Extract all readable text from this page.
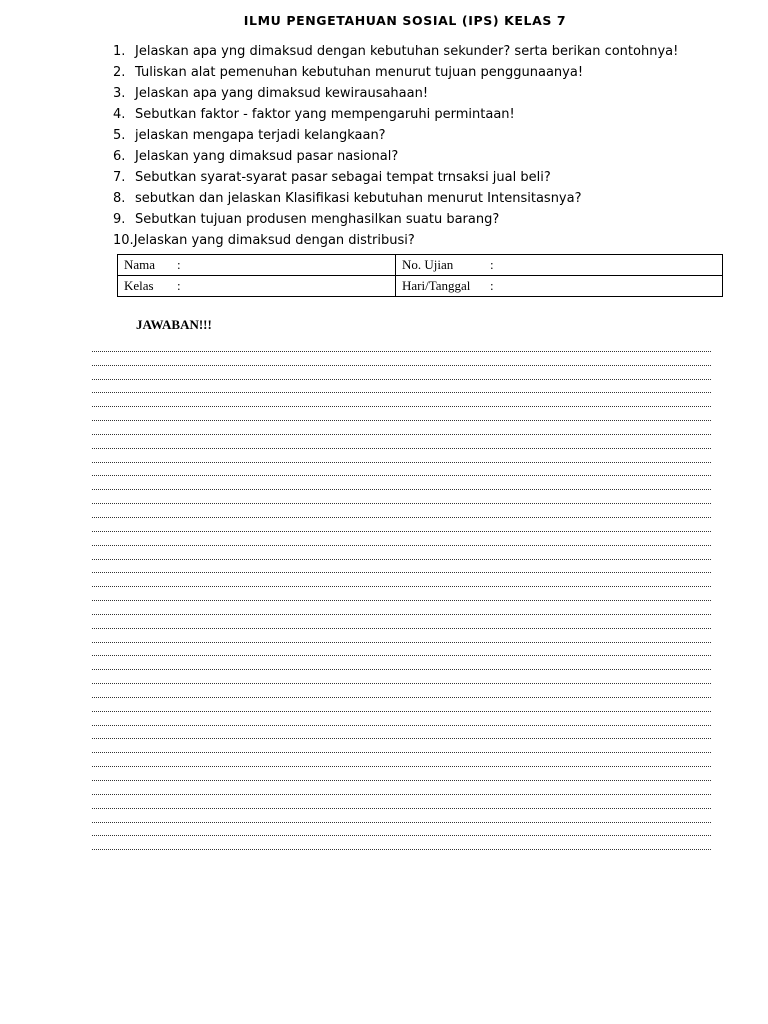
ILMU PENGETAHUAN SOSIAL (IPS) KELAS 7
1. Jelaskan apa yng dimaksud dengan kebutuhan sekunder? serta berikan contohnya!
2. Tuliskan alat pemenuhan kebutuhan menurut tujuan penggunaanya!
3. Jelaskan apa yang dimaksud kewirausahaan!
4. Sebutkan faktor - faktor yang mempengaruhi permintaan!
5. jelaskan mengapa terjadi kelangkaan?
6. Jelaskan yang dimaksud pasar nasional?
7. Sebutkan syarat-syarat pasar sebagai tempat trnsaksi jual beli?
8. sebutkan dan jelaskan Klasifikasi kebutuhan menurut Intensitasnya?
9. Sebutkan tujuan produsen menghasilkan suatu barang?
10.Jelaskan yang dimaksud dengan distribusi?
Nama :	No. Ujian :
Kelas :	Hari/Tanggal :
JAWABAN!!!
